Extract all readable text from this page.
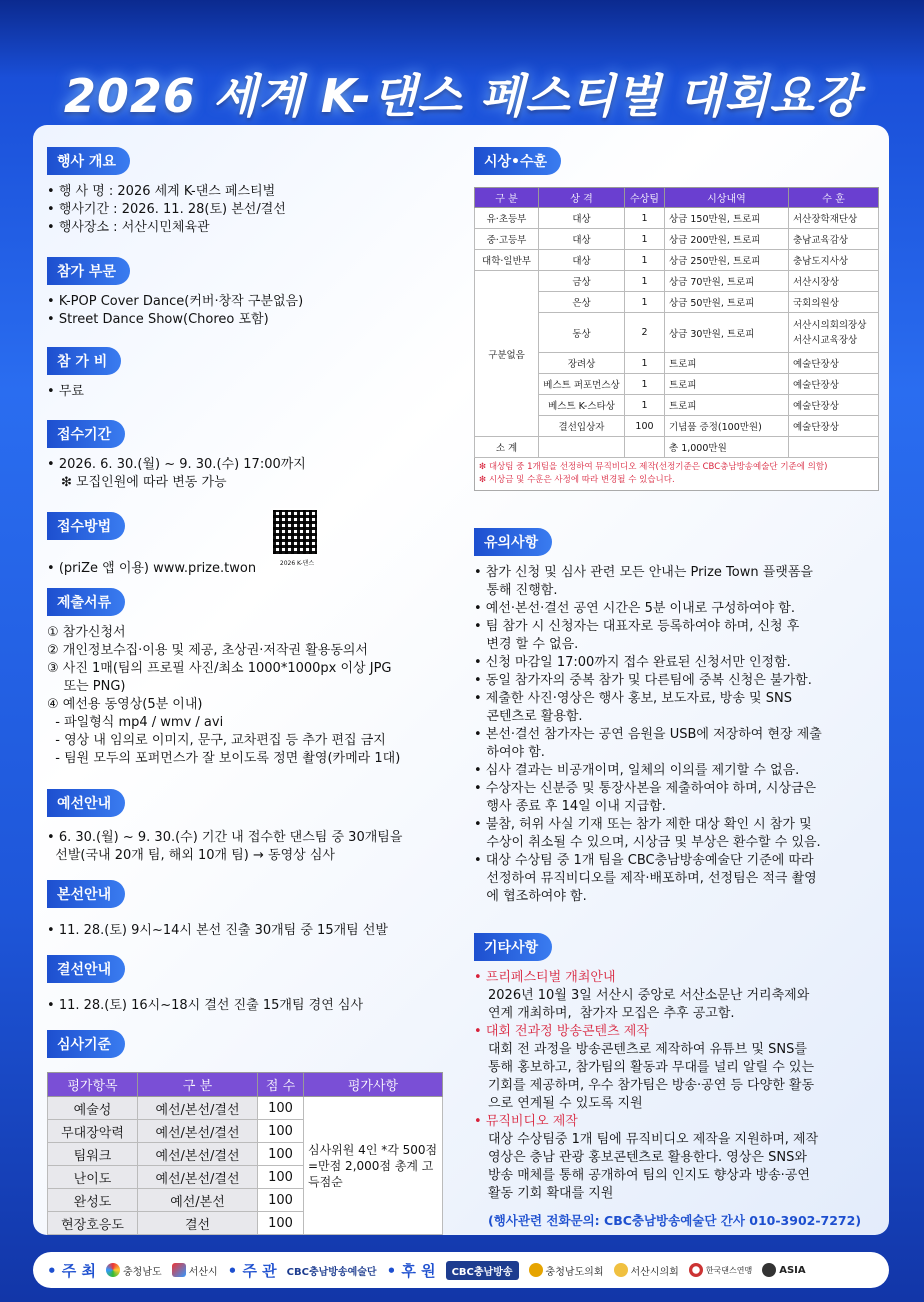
2026 세계 K-댄스 페스티벌 대회요강
행사 개요
• 행 사 명 : 2026 세계 K-댄스 페스티벌
• 행사기간 : 2026. 11. 28(토) 본선/결선
• 행사장소 : 서산시민체육관
참가 부문
• K-POP Cover Dance(커버·창작 구분없음)
• Street Dance Show(Choreo 포함)
참 가 비
• 무료
접수기간
• 2026. 6. 30.(월) ~ 9. 30.(수) 17:00까지
❇ 모집인원에 따라 변동 가능
접수방법
• (priZe 앱 이용) www.prize.twon	2026 K-댄스
제출서류
① 참가신청서
② 개인정보수집·이용 및 제공, 초상권·저작권 활용동의서
③ 사진 1매(팀의 프로필 사진/최소 1000*1000px 이상 JPG
또는 PNG)
④ 예선용 동영상(5분 이내)
- 파일형식 mp4 / wmv / avi
- 영상 내 임의로 이미지, 문구, 교차편집 등 추가 편집 금지
- 팀원 모두의 포퍼먼스가 잘 보이도록 정면 촬영(카메라 1대)
예선안내
• 6. 30.(월) ~ 9. 30.(수) 기간 내 접수한 댄스팀 중 30개팀을
선발(국내 20개 팀, 해외 10개 팀) → 동영상 심사
본선안내
• 11. 28.(토) 9시~14시 본선 진출 30개팀 중 15개팀 선발
결선안내
• 11. 28.(토) 16시~18시 결선 진출 15개팀 경연 심사
심사기준
평가항목	구 분	점 수	평가사항
예술성	예선/본선/결선	100	심사위원 4인 *각 500점=만점 2,000점 총계 고득점순
무대장악력	예선/본선/결선	100	
팀워크	예선/본선/결선	100	
난이도	예선/본선/결선	100	
완성도	예선/본선	100	
현장호응도	결선	100	
시상•수훈
구 분	상 격	수상팀	시상내역	수 훈
유·초등부	대상	1	상금 150만원, 트로피	서산장학재단상
중·고등부	대상	1	상금 200만원, 트로피	충남교육감상
대학·일반부	대상	1	상금 250만원, 트로피	충남도지사상
구분없음	금상	1	상금 70만원, 트로피	서산시장상
	은상	1	상금 50만원, 트로피	국회의원상
	동상	2	상금 30만원, 트로피	서산시의회의장상
서산시교육장상
	장려상	1	트로피	예술단장상
	베스트 퍼포먼스상	1	트로피	예술단장상
	베스트 K-스타상	1	트로피	예술단장상
	결선입상자	100	기념품 증정(100만원)	예술단장상
소 계			총 1,000만원	
❇ 대상팀 중 1개팀을 선정하여 뮤직비디오 제작(선정기준은 CBC충남방송예술단 기준에 의함)
❇ 시상금 및 수훈은 사정에 따라 변경될 수 있습니다.
유의사항
• 참가 신청 및 심사 관련 모든 안내는 Prize Town 플랫폼을
통해 진행함.
• 예선·본선·결선 공연 시간은 5분 이내로 구성하여야 함.
• 팀 참가 시 신청자는 대표자로 등록하여야 하며, 신청 후
변경 할 수 없음.
• 신청 마감일 17:00까지 접수 완료된 신청서만 인정함.
• 동일 참가자의 중복 참가 및 다른팀에 중복 신청은 불가함.
• 제출한 사진·영상은 행사 홍보, 보도자료, 방송 및 SNS
콘텐츠로 활용함.
• 본선·결선 참가자는 공연 음원을 USB에 저장하여 현장 제출
하여야 함.
• 심사 결과는 비공개이며, 일체의 이의를 제기할 수 없음.
• 수상자는 신분증 및 통장사본을 제출하여야 하며, 시상금은
행사 종료 후 14일 이내 지급함.
• 불참, 허위 사실 기재 또는 참가 제한 대상 확인 시 참가 및
수상이 취소될 수 있으며, 시상금 및 부상은 환수할 수 있음.
• 대상 수상팀 중 1개 팀을 CBC충남방송예술단 기준에 따라
선정하여 뮤직비디오를 제작·배포하며, 선정팀은 적극 촬영
에 협조하여야 함.
기타사항
• 프리페스티벌 개최안내
2026년 10월 3일 서산시 중앙로 서산소문난 거리축제와
연계 개최하며,  참가자 모집은 추후 공고함.
• 대회 전과정 방송콘텐츠 제작
대회 전 과정을 방송콘텐츠로 제작하여 유튜브 및 SNS를
통해 홍보하고, 참가팀의 활동과 무대를 널리 알릴 수 있는
기회를 제공하며, 우수 참가팀은 방송·공연 등 다양한 활동
으로 연계될 수 있도록 지원
• 뮤직비디오 제작
대상 수상팀중 1개 팀에 뮤직비디오 제작을 지원하며, 제작
영상은 충남 관광 홍보콘텐츠로 활용한다. 영상은 SNS와
방송 매체를 통해 공개하여 팀의 인지도 향상과 방송·공연
활동 기회 확대를 지원
(행사관련 전화문의: CBC충남방송예술단 간사 010-3902-7272)
• 주 최	충청남도	서산시 • 주 관 CBC충남방송예술단 • 후 원	CBC충남방송	충청남도의회	서산시의회	한국댄스연맹	ASIA
